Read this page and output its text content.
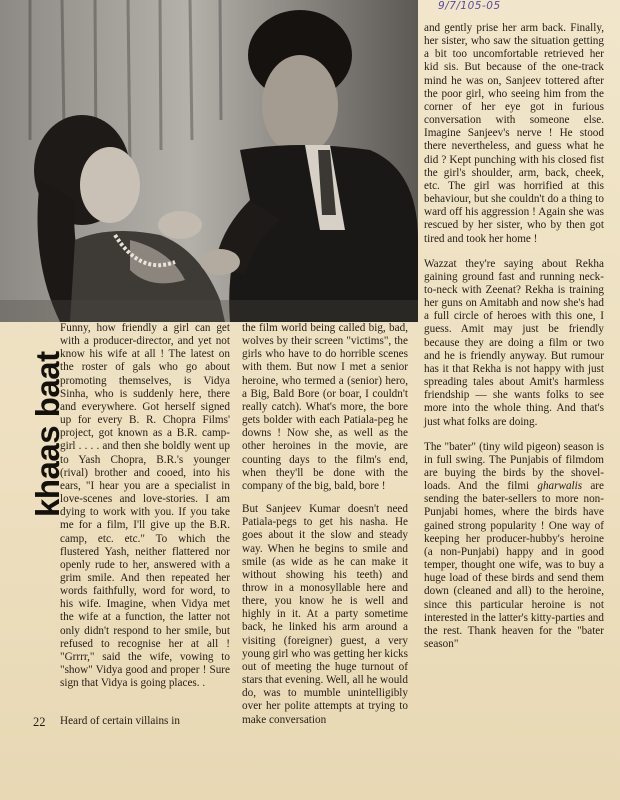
9/7/105-05
khaas baat

Funny, how friendly a girl can get with a producer-director, and yet not know his wife at all ! The latest on the roster of gals who go about promoting themselves, is Vidya Sinha, who is suddenly here, there and everywhere. Got herself signed up for every B. R. Chopra Films' project, got known as a B.R. camp-girl . . . . and then she boldly went up to Yash Chopra, B.R.'s younger (rival) brother and cooed, into his ears, "I hear you are a specialist in love-scenes and love-stories. I am dying to work with you. If you take me for a film, I'll give up the B.R. camp, etc. etc." To which the flustered Yash, neither flattered nor openly rude to her, answered with a grim smile. And then repeated her words faithfully, word for word, to his wife. Imagine, when Vidya met the wife at a function, the latter not only didn't respond to her smile, but refused to recognise her at all ! "Grrrr," said the wife, vowing to "show" Vidya good and proper ! Sure sign that Vidya is going places. .

22 Heard of certain villains in

the film world being called big, bad, wolves by their screen "victims", the girls who have to do horrible scenes with them. But now I met a senior heroine, who termed a (senior) hero, a Big, Bald Bore (or boar, I couldn't really catch). What's more, the bore gets bolder with each Patiala-peg he downs ! Now she, as well as the other heroines in the movie, are counting days to the film's end, when they'll be done with the company of the big, bald, bore !

But Sanjeev Kumar doesn't need Patiala-pegs to get his nasha. He goes about it the slow and steady way. When he begins to smile and smile (as wide as he can make it without showing his teeth) and throw in a monosyllable here and there, you know he is well and highly in it. At a party sometime back, he linked his arm around a visiting (foreigner) guest, a very young girl who was getting her kicks out of meeting the huge turnout of stars that evening. Well, all he would do, was to mumble unintelligibly over her polite attempts at trying to make conversation

and gently prise her arm back. Finally, her sister, who saw the situation getting a bit too uncomfortable retrieved her kid sis. But because of the one-track mind he was on, Sanjeev tottered after the poor girl, who seeing him from the corner of her eye got in furious conversation with someone else. Imagine Sanjeev's nerve ! He stood there nevertheless, and guess what he did ? Kept punching with his closed fist the girl's shoulder, arm, back, cheek, etc. The girl was horrified at this behaviour, but she couldn't do a thing to ward off his aggression ! Again she was rescued by her sister, who by then got tired and took her home !

Wazzat they're saying about Rekha gaining ground fast and running neck-to-neck with Zeenat? Rekha is training her guns on Amitabh and now she's had a full circle of heroes with this one, I guess. Amit may just be friendly because they are doing a film or two and he is friendly anyway. But rumour has it that Rekha is not happy with just spreading tales about Amit's harmless friendship — she wants folks to see more into the whole thing. And that's just what folks are doing.

The "bater" (tiny wild pigeon) season is in full swing. The Punjabis of filmdom are buying the birds by the shovel-loads. And the filmi gharwalis are sending the bater-sellers to more non-Punjabi homes, where the birds have gained strong popularity ! One way of keeping her producer-hubby's heroine (a non-Punjabi) happy and in good temper, thought one wife, was to buy a huge load of these birds and send them down (cleaned and all) to the heroine, since this particular heroine is not interested in the latter's kitty-parties and the rest. Thank heaven for the "bater season"
